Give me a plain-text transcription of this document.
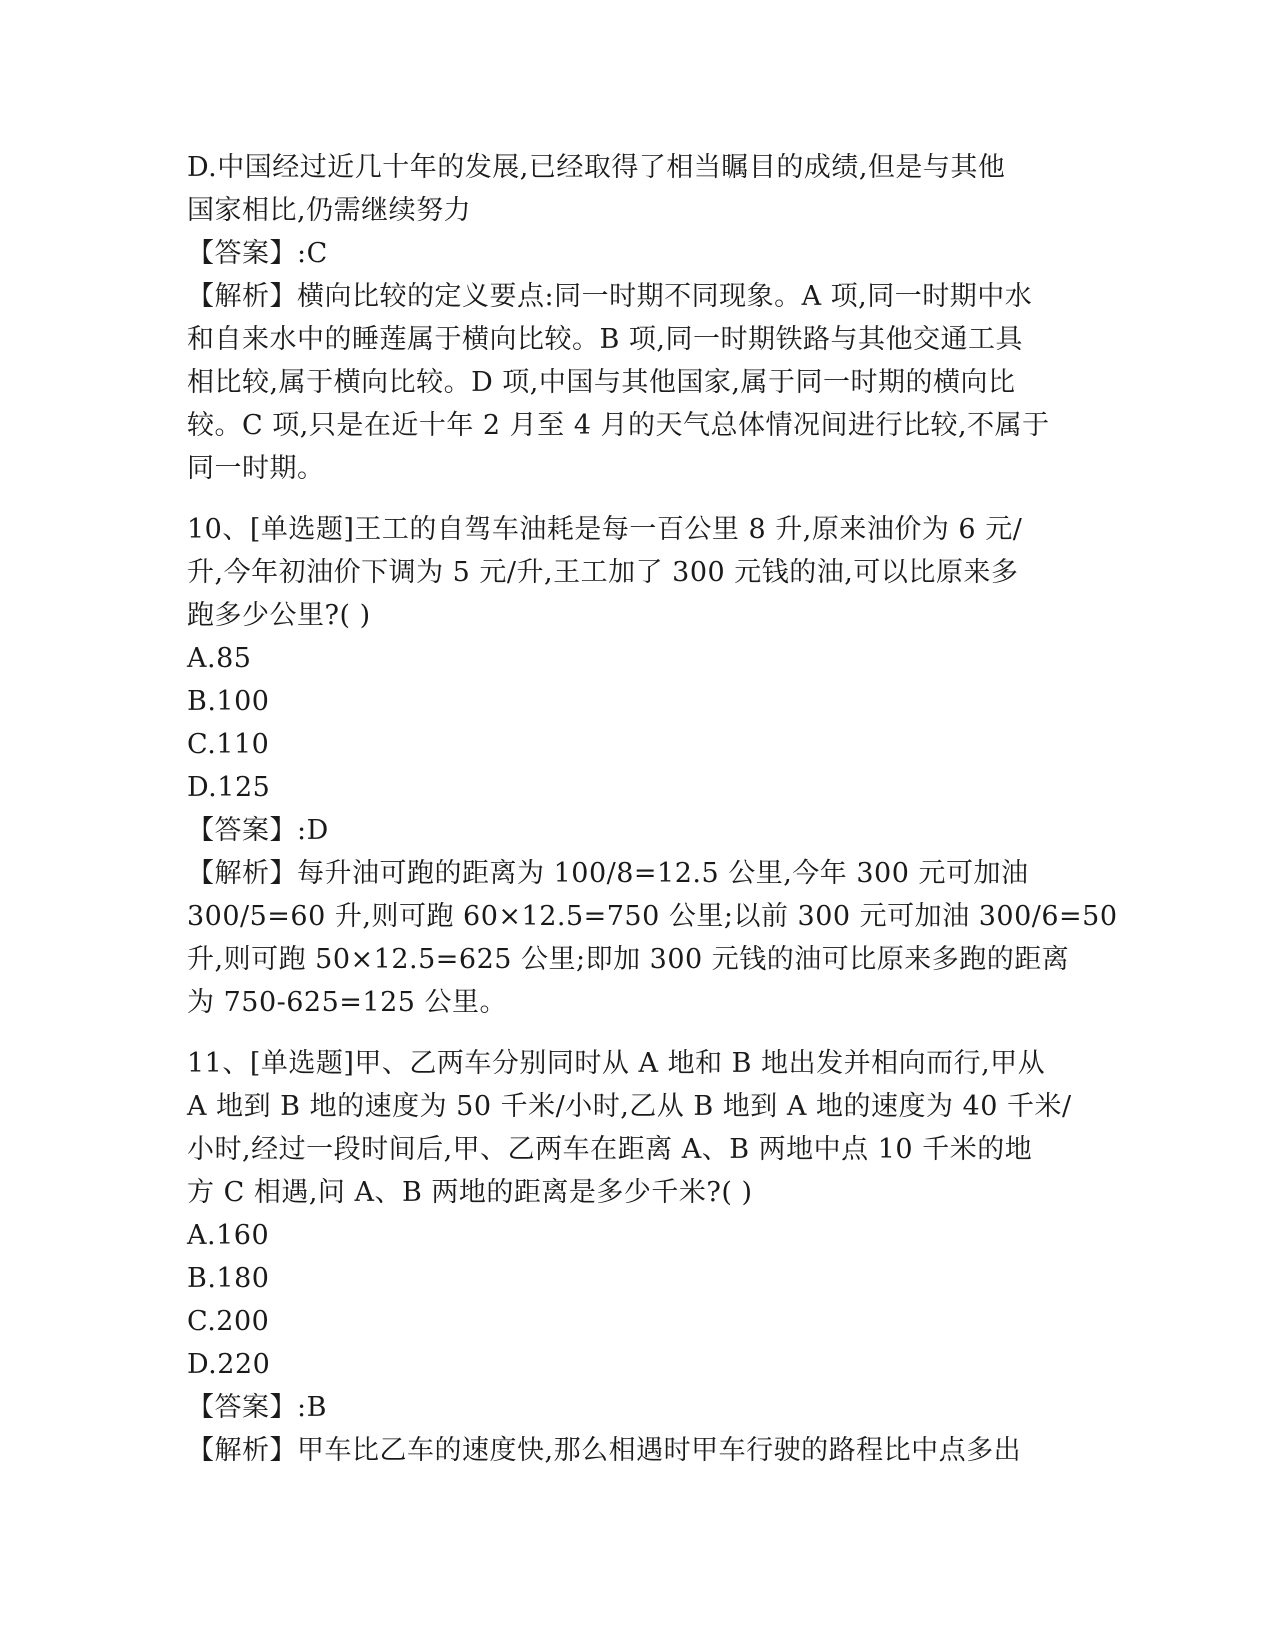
D.中国经过近几十年的发展,已经取得了相当瞩目的成绩,但是与其他
国家相比,仍需继续努力
【答案】:C
【解析】横向比较的定义要点:同一时期不同现象。A 项,同一时期中水
和自来水中的睡莲属于横向比较。B 项,同一时期铁路与其他交通工具
相比较,属于横向比较。D 项,中国与其他国家,属于同一时期的横向比
较。C 项,只是在近十年 2 月至 4 月的天气总体情况间进行比较,不属于
同一时期。
10、[单选题]王工的自驾车油耗是每一百公里 8 升,原来油价为 6 元/
升,今年初油价下调为 5 元/升,王工加了 300 元钱的油,可以比原来多
跑多少公里?( )
A.85
B.100
C.110
D.125
【答案】:D
【解析】每升油可跑的距离为 100/8=12.5 公里,今年 300 元可加油
300/5=60 升,则可跑 60×12.5=750 公里;以前 300 元可加油 300/6=50
升,则可跑 50×12.5=625 公里;即加 300 元钱的油可比原来多跑的距离
为 750-625=125 公里。
11、[单选题]甲、乙两车分别同时从 A 地和 B 地出发并相向而行,甲从
A 地到 B 地的速度为 50 千米/小时,乙从 B 地到 A 地的速度为 40 千米/
小时,经过一段时间后,甲、乙两车在距离 A、B 两地中点 10 千米的地
方 C 相遇,问 A、B 两地的距离是多少千米?( )
A.160
B.180
C.200
D.220
【答案】:B
【解析】甲车比乙车的速度快,那么相遇时甲车行驶的路程比中点多出
